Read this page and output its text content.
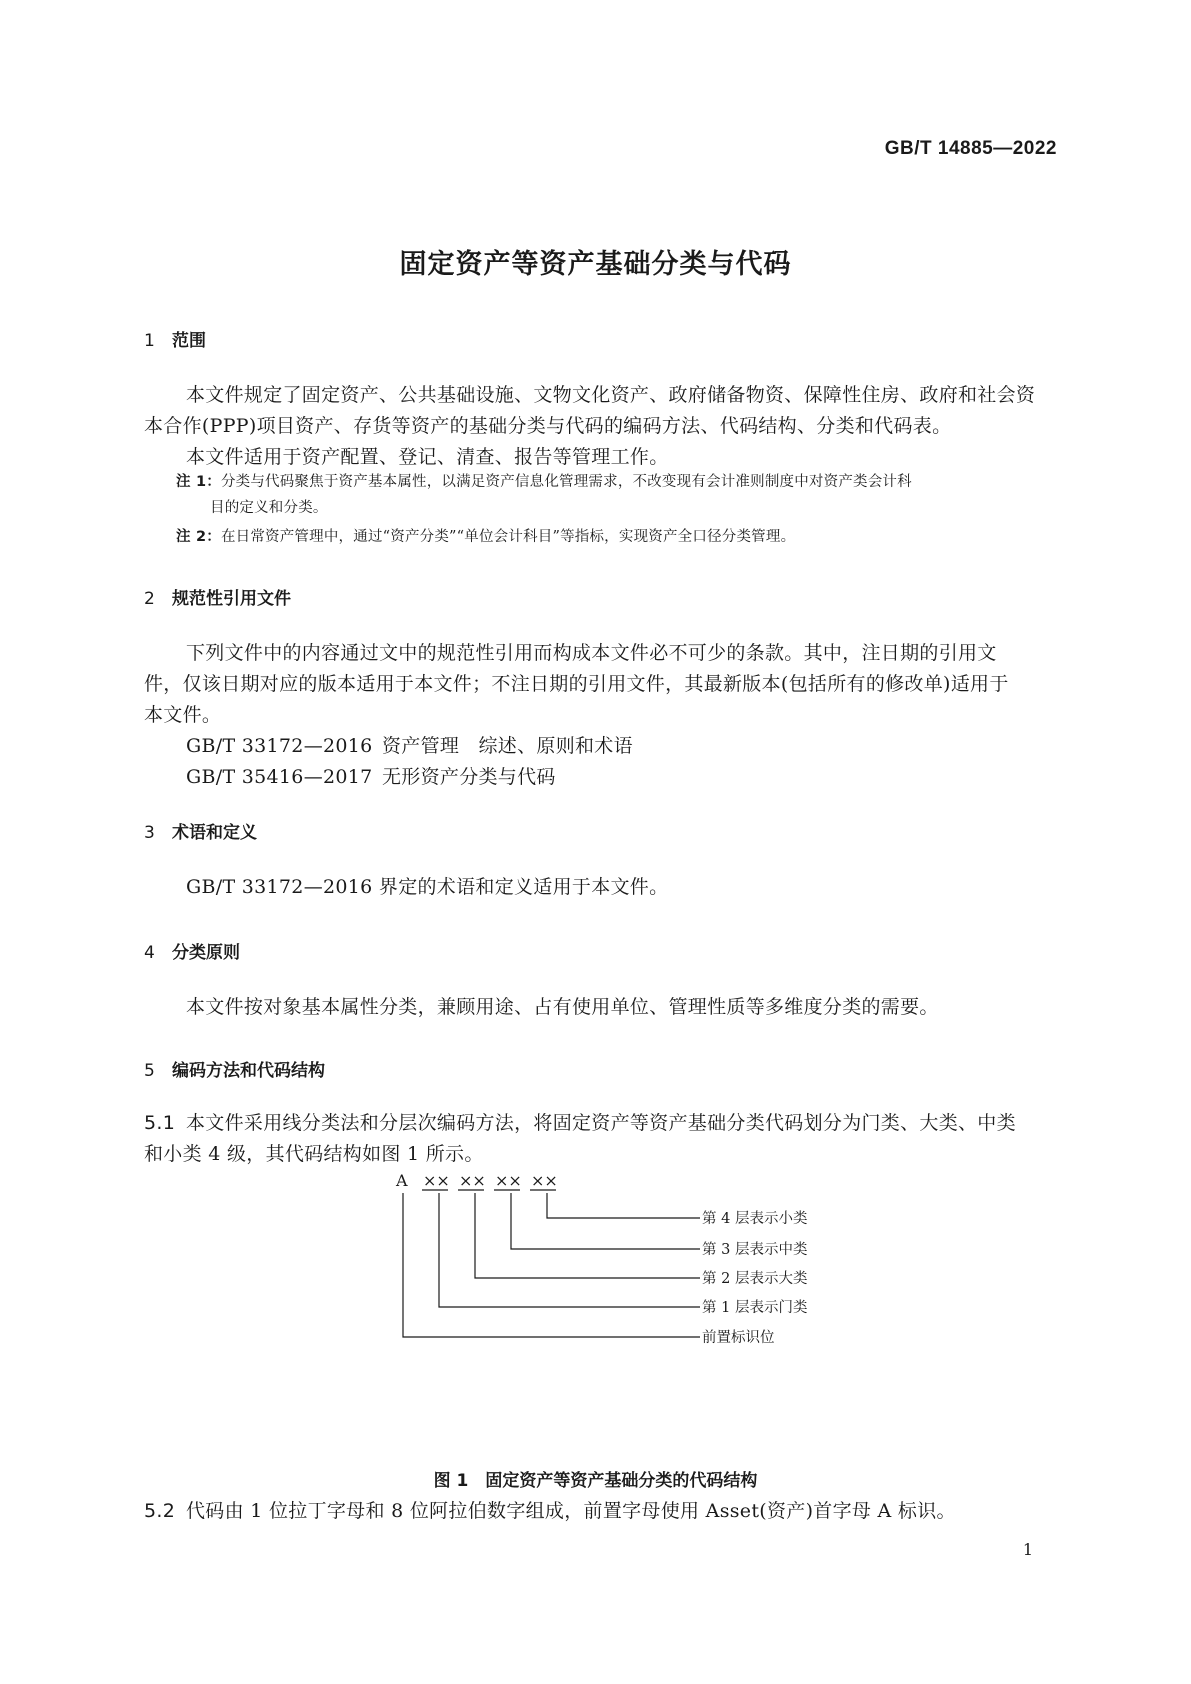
GB/T 14885—2022
固定资产等资产基础分类与代码
1 范围
本文件规定了固定资产、公共基础设施、文物文化资产、政府储备物资、保障性住房、政府和社会资
本合作(PPP)项目资产、存货等资产的基础分类与代码的编码方法、代码结构、分类和代码表。
本文件适用于资产配置、登记、清查、报告等管理工作。
注 1：分类与代码聚焦于资产基本属性，以满足资产信息化管理需求，不改变现有会计准则制度中对资产类会计科
目的定义和分类。
注 2：在日常资产管理中，通过“资产分类”“单位会计科目”等指标，实现资产全口径分类管理。
2 规范性引用文件
下列文件中的内容通过文中的规范性引用而构成本文件必不可少的条款。其中，注日期的引用文
件，仅该日期对应的版本适用于本文件；不注日期的引用文件，其最新版本(包括所有的修改单)适用于
本文件。
GB/T 33172—2016 资产管理　综述、原则和术语
GB/T 35416—2017 无形资产分类与代码
3 术语和定义
GB/T 33172—2016 界定的术语和定义适用于本文件。
4 分类原则
本文件按对象基本属性分类，兼顾用途、占有使用单位、管理性质等多维度分类的需要。
5 编码方法和代码结构
5.1 本文件采用线分类法和分层次编码方法，将固定资产等资产基础分类代码划分为门类、大类、中类
和小类 4 级，其代码结构如图 1 所示。
A ×× ×× ×× ××
第 4 层表示小类
第 3 层表示中类
第 2 层表示大类
第 1 层表示门类
前置标识位
图 1　固定资产等资产基础分类的代码结构
5.2 代码由 1 位拉丁字母和 8 位阿拉伯数字组成，前置字母使用 Asset(资产)首字母 A 标识。
1
